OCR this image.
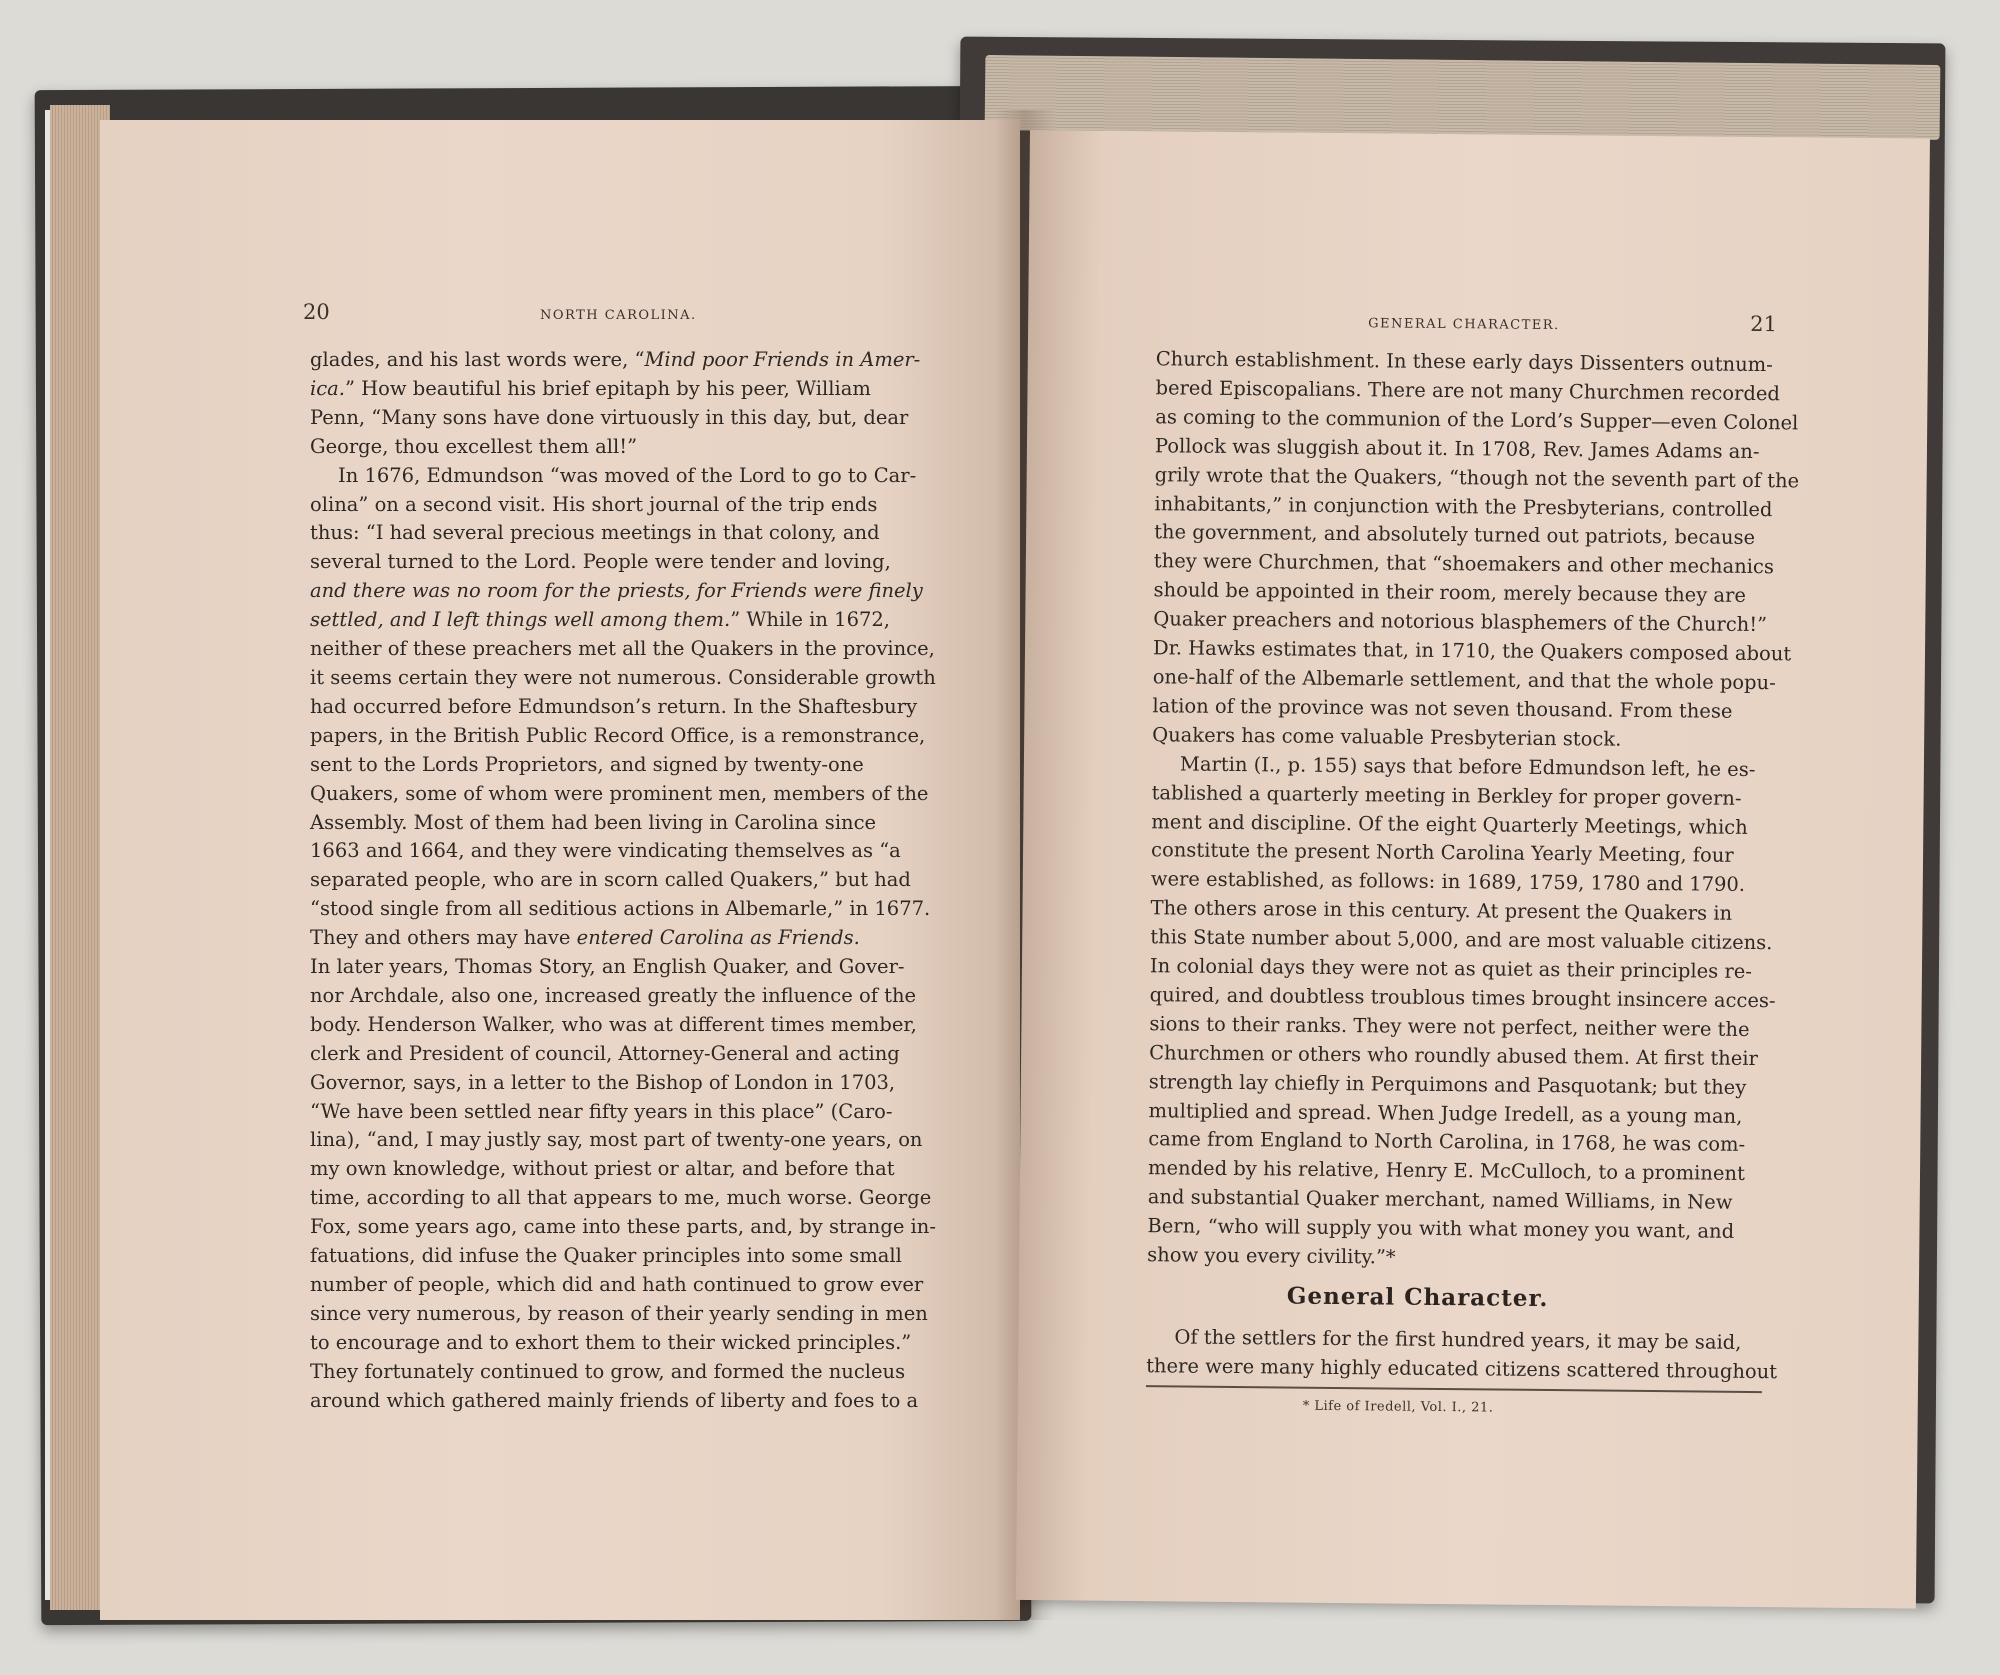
20	NORTH CAROLINA.

glades, and his last words were, “Mind poor Friends in Amer-

ica.” How beautiful his brief epitaph by his peer, William

Penn, “Many sons have done virtuously in this day, but, dear

George, thou excellest them all!”

In 1676, Edmundson “was moved of the Lord to go to Car-

olina” on a second visit. His short journal of the trip ends

thus: “I had several precious meetings in that colony, and

several turned to the Lord. People were tender and loving,

and there was no room for the priests, for Friends were finely

settled, and I left things well among them.” While in 1672,

neither of these preachers met all the Quakers in the province,

it seems certain they were not numerous. Considerable growth

had occurred before Edmundson’s return. In the Shaftesbury

papers, in the British Public Record Office, is a remonstrance,

sent to the Lords Proprietors, and signed by twenty-one

Quakers, some of whom were prominent men, members of the

Assembly. Most of them had been living in Carolina since

1663 and 1664, and they were vindicating themselves as “a

separated people, who are in scorn called Quakers,” but had

“stood single from all seditious actions in Albemarle,” in 1677.

They and others may have entered Carolina as Friends.

In later years, Thomas Story, an English Quaker, and Gover-

nor Archdale, also one, increased greatly the influence of the

body. Henderson Walker, who was at different times member,

clerk and President of council, Attorney-General and acting

Governor, says, in a letter to the Bishop of London in 1703,

“We have been settled near fifty years in this place” (Caro-

lina), “and, I may justly say, most part of twenty-one years, on

my own knowledge, without priest or altar, and before that

time, according to all that appears to me, much worse. George

Fox, some years ago, came into these parts, and, by strange in-

fatuations, did infuse the Quaker principles into some small

number of people, which did and hath continued to grow ever

since very numerous, by reason of their yearly sending in men

to encourage and to exhort them to their wicked principles.”

They fortunately continued to grow, and formed the nucleus

around which gathered mainly friends of liberty and foes to a

GENERAL CHARACTER.	21

Church establishment. In these early days Dissenters outnum-

bered Episcopalians. There are not many Churchmen recorded

as coming to the communion of the Lord’s Supper—even Colonel

Pollock was sluggish about it. In 1708, Rev. James Adams an-

grily wrote that the Quakers, “though not the seventh part of the

inhabitants,” in conjunction with the Presbyterians, controlled

the government, and absolutely turned out patriots, because

they were Churchmen, that “shoemakers and other mechanics

should be appointed in their room, merely because they are

Quaker preachers and notorious blasphemers of the Church!”

Dr. Hawks estimates that, in 1710, the Quakers composed about

one-half of the Albemarle settlement, and that the whole popu-

lation of the province was not seven thousand. From these

Quakers has come valuable Presbyterian stock.

Martin (I., p. 155) says that before Edmundson left, he es-

tablished a quarterly meeting in Berkley for proper govern-

ment and discipline. Of the eight Quarterly Meetings, which

constitute the present North Carolina Yearly Meeting, four

were established, as follows: in 1689, 1759, 1780 and 1790.

The others arose in this century. At present the Quakers in

this State number about 5,000, and are most valuable citizens.

In colonial days they were not as quiet as their principles re-

quired, and doubtless troublous times brought insincere acces-

sions to their ranks. They were not perfect, neither were the

Churchmen or others who roundly abused them. At first their

strength lay chiefly in Perquimons and Pasquotank; but they

multiplied and spread. When Judge Iredell, as a young man,

came from England to North Carolina, in 1768, he was com-

mended by his relative, Henry E. McCulloch, to a prominent

and substantial Quaker merchant, named Williams, in New

Bern, “who will supply you with what money you want, and

show you every civility.”*

General Character.

Of the settlers for the first hundred years, it may be said,

there were many highly educated citizens scattered throughout

* Life of Iredell, Vol. I., 21.
